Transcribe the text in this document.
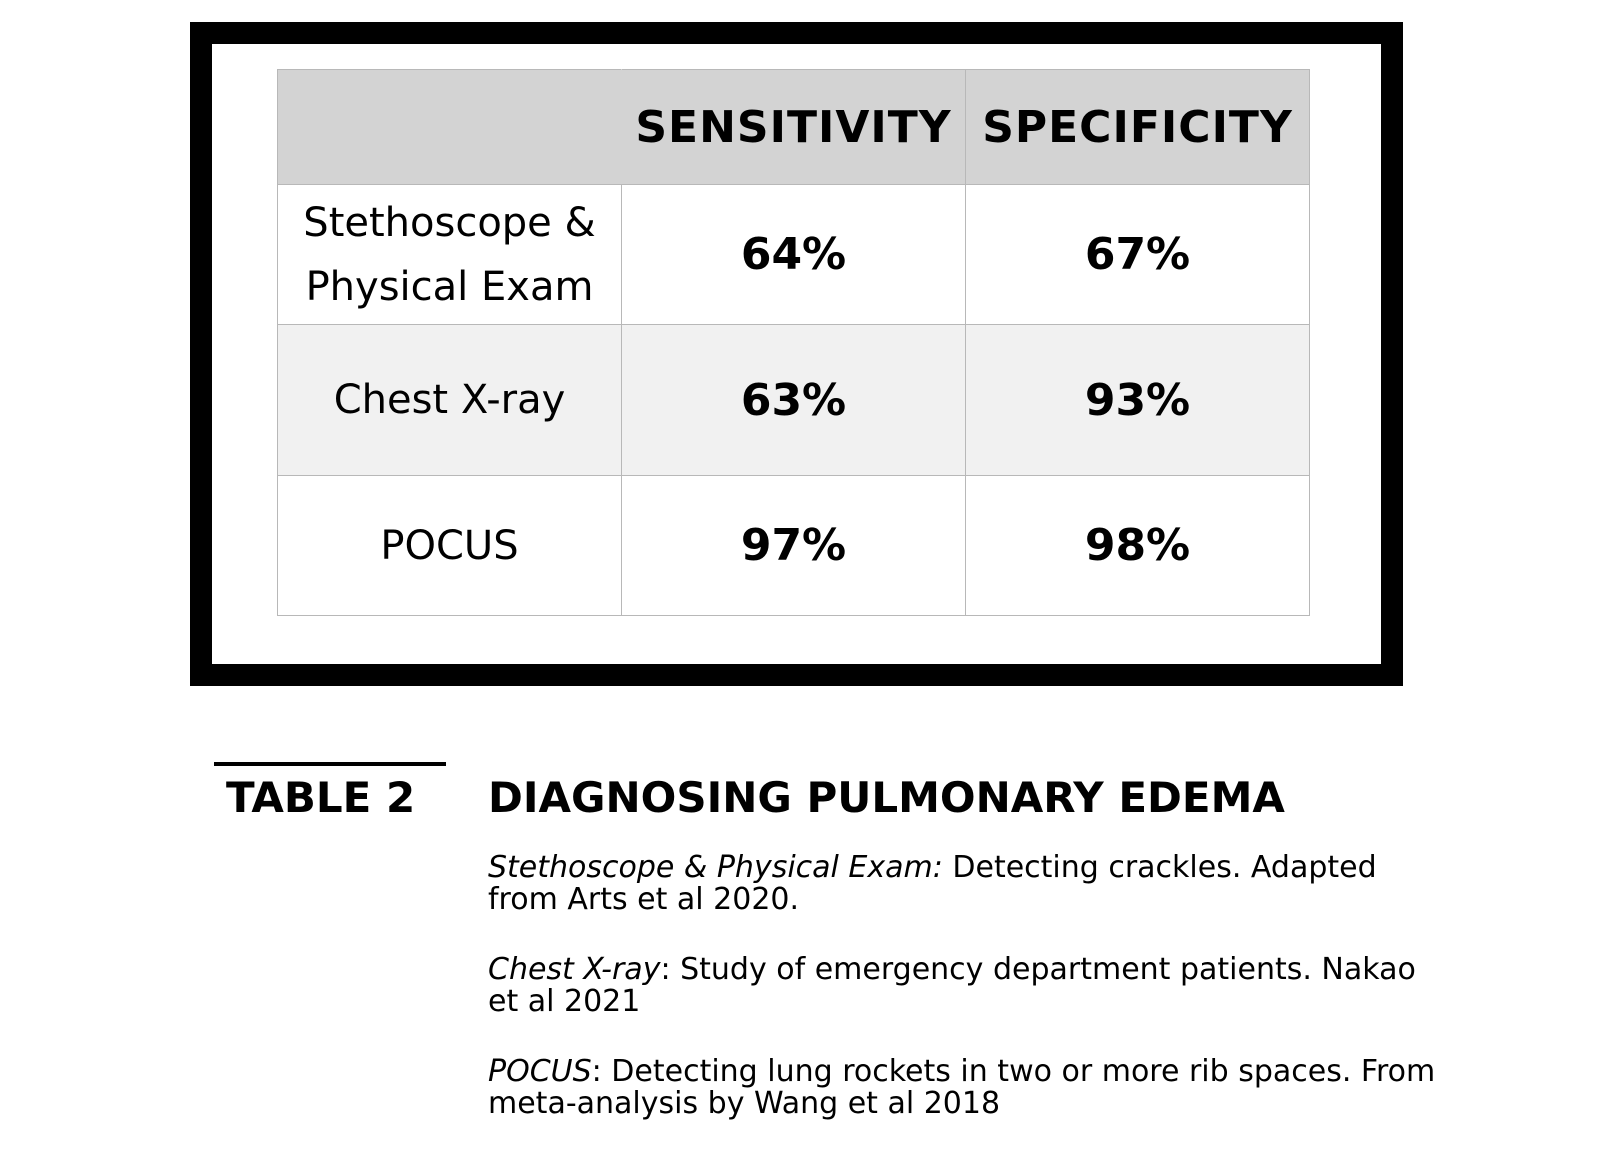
	SENSITIVITY	SPECIFICITY

Stethoscope &
Physical Exam	64%	67%
Chest X-ray	63%	93%
POCUS	97%	98%
TABLE 2 DIAGNOSING PULMONARY EDEMA

Stethoscope & Physical Exam: Detecting crackles. Adapted from Arts et al 2020.

Chest X-ray: Study of emergency department patients. Nakao et al 2021

POCUS: Detecting lung rockets in two or more rib spaces. From meta-analysis by Wang et al 2018
